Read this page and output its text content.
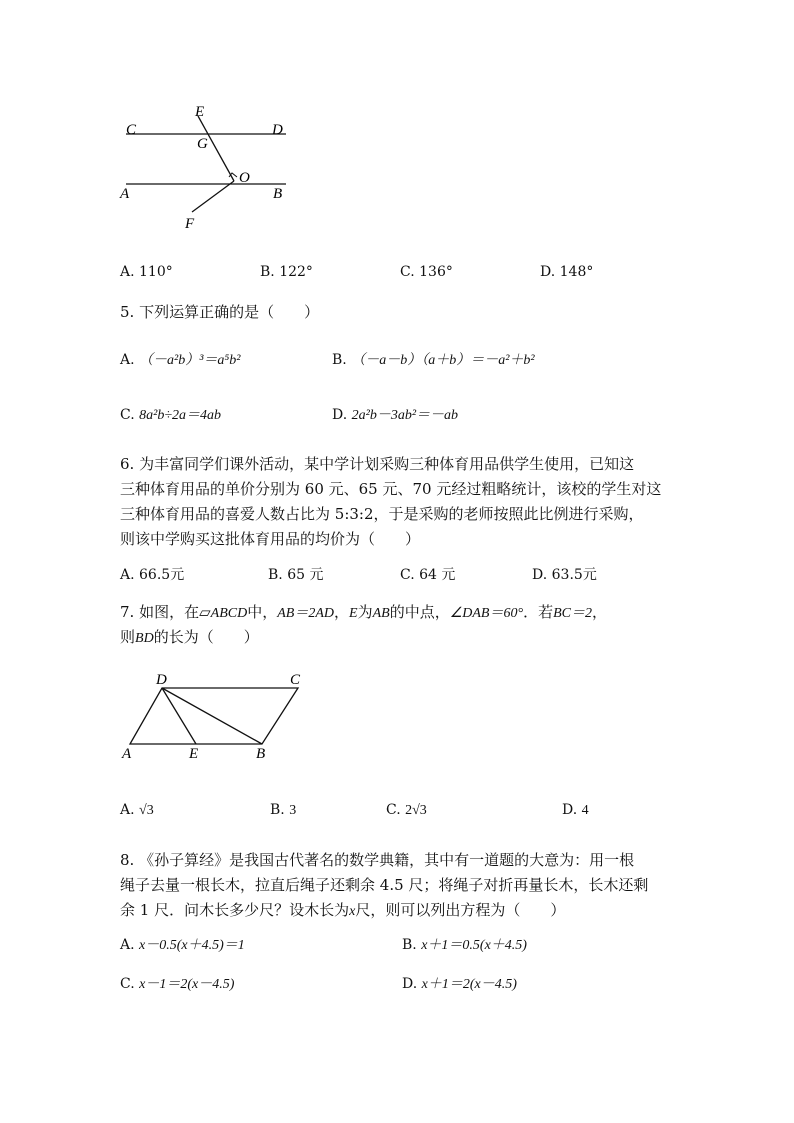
E
C	D
G
O
A	B
F
A. 110°	B. 122°	C. 136°	D. 148°
5. 下列运算正确的是（　　）
A. （－a²b）³＝a⁵b²	B. （－a－b）（a＋b）＝－a²＋b²
C. 8a²b÷2a＝4ab	D. 2a²b－3ab²＝－ab
6. 为丰富同学们课外活动，某中学计划采购三种体育用品供学生使用，已知这
三种体育用品的单价分别为 60 元、65 元、70 元经过粗略统计，该校的学生对这
三种体育用品的喜爱人数占比为 5:3:2，于是采购的老师按照此比例进行采购，
则该中学购买这批体育用品的均价为（　　）
A. 66.5元	B. 65 元	C. 64 元	D. 63.5元
7. 如图，在▱ABCD中，AB＝2AD，E为AB的中点，∠DAB＝60°．若BC＝2，
则BD的长为（　　）
D	C
A	E	B
A. √3	B. 3	C. 2√3	D. 4
8. 《孙子算经》是我国古代著名的数学典籍，其中有一道题的大意为：用一根
绳子去量一根长木，拉直后绳子还剩余 4.5 尺；将绳子对折再量长木，长木还剩
余 1 尺．问木长多少尺？设木长为x尺，则可以列出方程为（　　）
A. x－0.5(x＋4.5)＝1	B. x＋1＝0.5(x＋4.5)
C. x－1＝2(x－4.5)	D. x＋1＝2(x－4.5)
